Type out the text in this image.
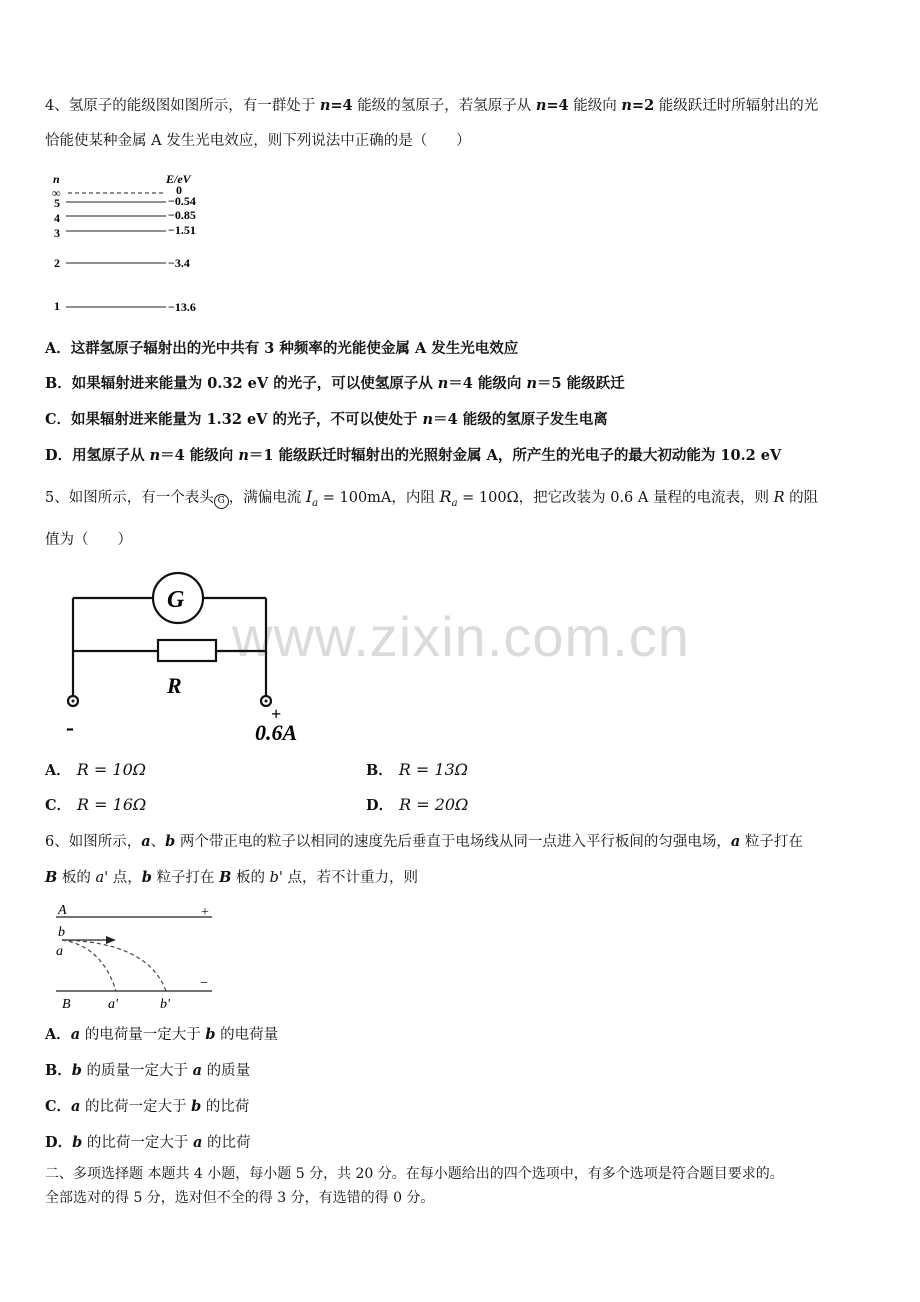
www.zixin.com.cn
4、氢原子的能级图如图所示，有一群处于 n=4 能级的氢原子，若氢原子从 n=4 能级向 n=2 能级跃迁时所辐射出的光
恰能使某种金属 A 发生光电效应，则下列说法中正确的是（　　）
n	E/eV
∞	0
5	−0.54
4	−0.85
3	−1.51
2	−3.4
1	−13.6
A．这群氢原子辐射出的光中共有 3 种频率的光能使金属 A 发生光电效应
B．如果辐射进来能量为 0.32 eV 的光子，可以使氢原子从 n＝4 能级向 n＝5 能级跃迁
C．如果辐射进来能量为 1.32 eV 的光子，不可以使处于 n＝4 能级的氢原子发生电离
D．用氢原子从 n＝4 能级向 n＝1 能级跃迁时辐射出的光照射金属 A，所产生的光电子的最大初动能为 10.2 eV
5、如图所示，有一个表头 G ，满偏电流 $I_a = 100mA$，内阻 $R_a = 100\Omega$，把它改装为 0.6 A 量程的电流表，则 R 的阻
值为（　　）
G
R
-
+
0.6A
A． R = 10Ω	B． R = 13Ω
C． R = 16Ω	D． R = 20Ω
6、如图所示，a、b 两个带正电的粒子以相同的速度先后垂直于电场线从同一点进入平行板间的匀强电场，a 粒子打在
B 板的 a' 点，b 粒子打在 B 板的 b' 点，若不计重力，则
A	+
b
a
B	a'	b'
−
A．a 的电荷量一定大于 b 的电荷量
B．b 的质量一定大于 a 的质量
C．a 的比荷一定大于 b 的比荷
D．b 的比荷一定大于 a 的比荷
二、多项选择题 本题共 4 小题，每小题 5 分，共 20 分。在每小题给出的四个选项中，有多个选项是符合题目要求的。
全部选对的得 5 分，选对但不全的得 3 分，有选错的得 0 分。
